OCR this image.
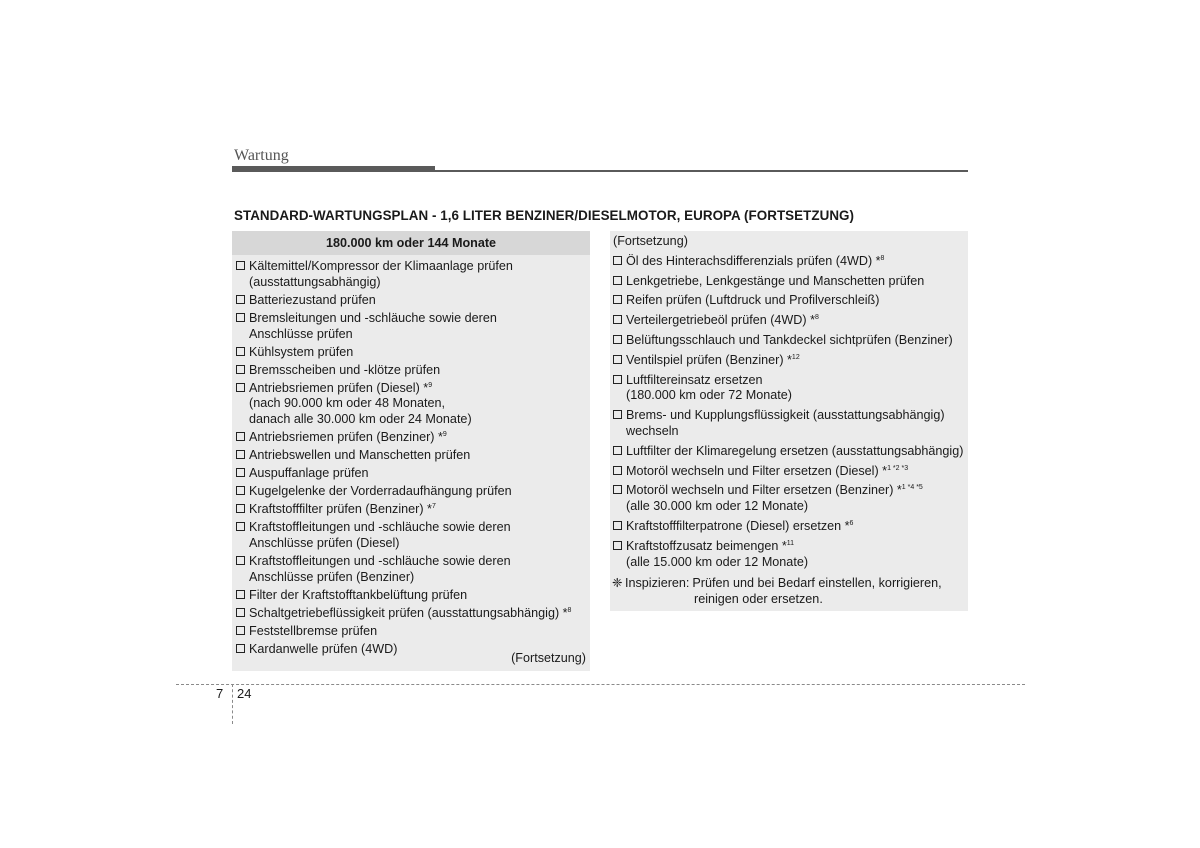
Wartung
STANDARD-WARTUNGSPLAN - 1,6 LITER BENZINER/DIESELMOTOR, EUROPA (FORTSETZUNG)
180.000 km oder 144 Monate
Kältemittel/Kompressor der Klimaanlage prüfen
(ausstattungsabhängig)
Batteriezustand prüfen
Bremsleitungen und -schläuche sowie deren
Anschlüsse prüfen
Kühlsystem prüfen
Bremsscheiben und -klötze prüfen
Antriebsriemen prüfen (Diesel) *$^9$
(nach 90.000 km oder 48 Monaten,
danach alle 30.000 km oder 24 Monate)
Antriebsriemen prüfen (Benziner) *$^9$
Antriebswellen und Manschetten prüfen
Auspuffanlage prüfen
Kugelgelenke der Vorderradaufhängung prüfen
Kraftstofffilter prüfen (Benziner) *$^7$
Kraftstoffleitungen und -schläuche sowie deren
Anschlüsse prüfen (Diesel)
Kraftstoffleitungen und -schläuche sowie deren
Anschlüsse prüfen (Benziner)
Filter der Kraftstofftankbelüftung prüfen
Schaltgetriebeflüssigkeit prüfen (ausstattungsabhängig) *$^8$
Feststellbremse prüfen
Kardanwelle prüfen (4WD)
(Fortsetzung)
(Fortsetzung)
Öl des Hinterachsdifferenzials prüfen (4WD) *$^8$
Lenkgetriebe, Lenkgestänge und Manschetten prüfen
Reifen prüfen (Luftdruck und Profilverschleiß)
Verteilergetriebeöl prüfen (4WD) *$^8$
Belüftungsschlauch und Tankdeckel sichtprüfen (Benziner)
Ventilspiel prüfen (Benziner) *$^{12}$
Luftfiltereinsatz ersetzen
(180.000 km oder 72 Monate)
Brems- und Kupplungsflüssigkeit (ausstattungsabhängig)
wechseln
Luftfilter der Klimaregelung ersetzen (ausstattungsabhängig)
Motoröl wechseln und Filter ersetzen (Diesel) *$^{1 *2 *3}$
Motoröl wechseln und Filter ersetzen (Benziner) *$^{1 *4 *5}$
(alle 30.000 km oder 12 Monate)
Kraftstofffilterpatrone (Diesel) ersetzen *$^6$
Kraftstoffzusatz beimengen *$^{11}$
(alle 15.000 km oder 12 Monate)
❈ Inspizieren: Prüfen und bei Bedarf einstellen, korrigieren,
reinigen oder ersetzen.
7 24
